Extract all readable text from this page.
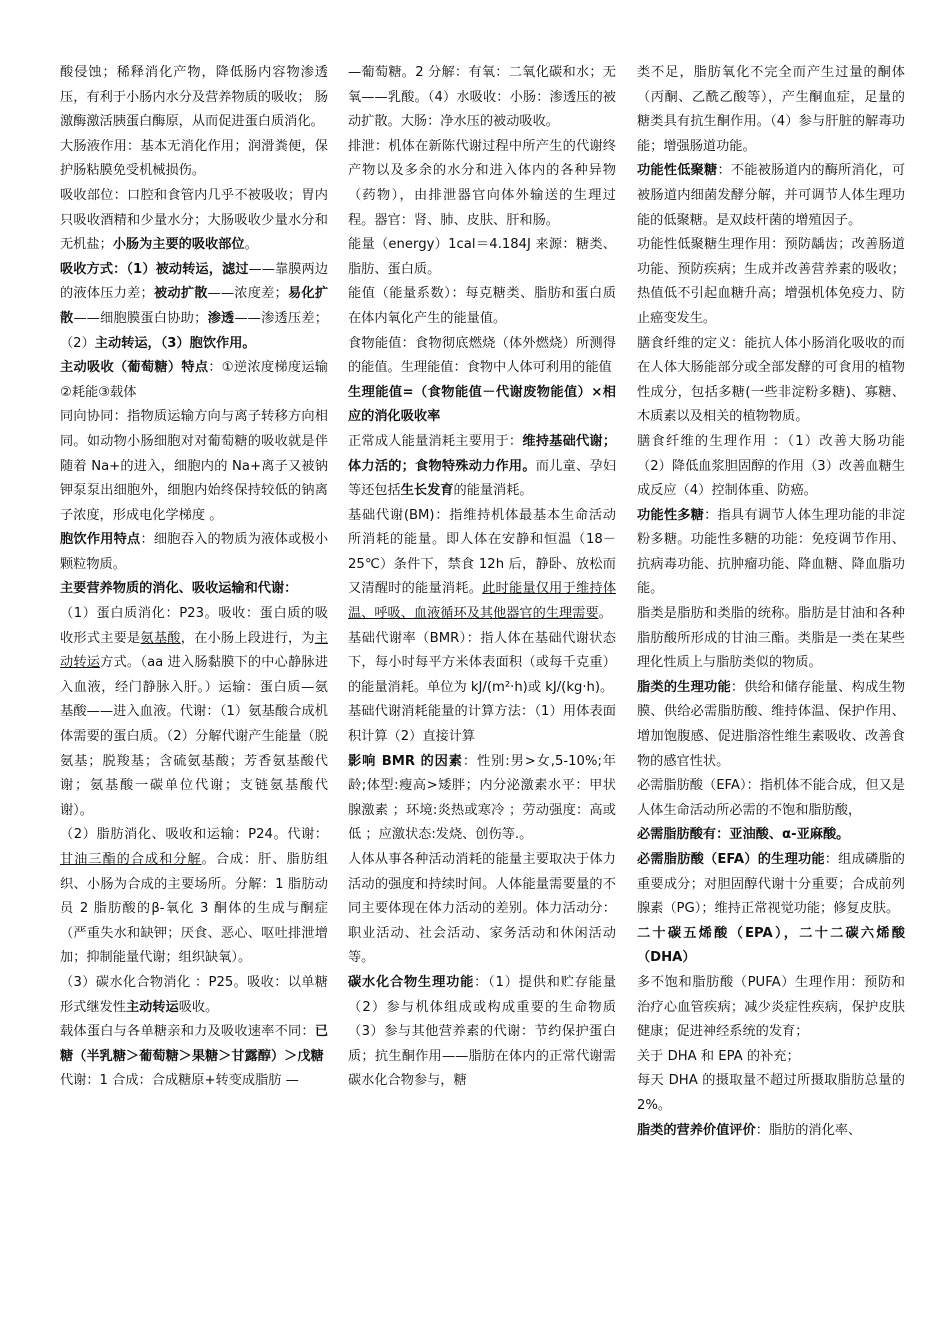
酸侵蚀；稀释消化产物，降低肠内容物渗透压，有利于小肠内水分及营养物质的吸收； 肠激酶激活胰蛋白酶原，从而促进蛋白质消化。

大肠液作用：基本无消化作用；润滑粪便，保护肠粘膜免受机械损伤。

吸收部位：口腔和食管内几乎不被吸收；胃内只吸收酒精和少量水分；大肠吸收少量水分和无机盐；小肠为主要的吸收部位。

吸收方式：（1）被动转运，滤过——靠膜两边的液体压力差；被动扩散——浓度差；易化扩散——细胞膜蛋白协助；渗透——渗透压差；（2）主动转运，（3）胞饮作用。

主动吸收（葡萄糖）特点：①逆浓度梯度运输②耗能③载体

同向协同：指物质运输方向与离子转移方向相同。如动物小肠细胞对对葡萄糖的吸收就是伴随着 Na+的进入，细胞内的 Na+离子又被钠钾泵泵出细胞外，细胞内始终保持较低的钠离子浓度，形成电化学梯度 。

胞饮作用特点：细胞吞入的物质为液体或极小颗粒物质。

主要营养物质的消化、吸收运输和代谢：

（1）蛋白质消化：P23。吸收：蛋白质的吸收形式主要是氨基酸，在小肠上段进行，为主动转运方式。（aa 进入肠黏膜下的中心静脉进入血液，经门静脉入肝。）运输：蛋白质—氨基酸——进入血液。代谢：（1）氨基酸合成机体需要的蛋白质。（2）分解代谢产生能量（脱氨基；脱羧基；含硫氨基酸；芳香氨基酸代谢；氨基酸一碳单位代谢；支链氨基酸代谢）。

（2）脂肪消化、吸收和运输：P24。代谢：甘油三酯的合成和分解。合成：肝、脂肪组织、小肠为合成的主要场所。分解：1 脂肪动员 2 脂肪酸的β-氧化 3 酮体的生成与酮症 （严重失水和缺钾；厌食、恶心、呕吐排泄增加；抑制能量代谢；组织缺氧）。

（3）碳水化合物消化 ：P25。吸收：以单糖形式继发性主动转运吸收。

载体蛋白与各单糖亲和力及吸收速率不同：已糖（半乳糖＞葡萄糖＞果糖＞甘露醇）＞戊糖

代谢：1 合成：合成糖原+转变成脂肪 —

—葡萄糖。2 分解：有氧：二氧化碳和水；无氧——乳酸。（4）水吸收：小肠：渗透压的被动扩散。大肠：净水压的被动吸收。

排泄：机体在新陈代谢过程中所产生的代谢终产物以及多余的水分和进入体内的各种异物（药物），由排泄器官向体外输送的生理过程。器官：肾、肺、皮肤、肝和肠。

能量（energy）1cal＝4.184J 来源：糖类、脂肪、蛋白质。

能值（能量系数）：每克糖类、脂肪和蛋白质在体内氧化产生的能量值。

食物能值：食物彻底燃烧（体外燃烧）所测得的能值。生理能值：食物中人体可利用的能值

生理能值=（食物能值－代谢废物能值）×相应的消化吸收率

正常成人能量消耗主要用于：维持基础代谢；体力活的；食物特殊动力作用。而儿童、孕妇等还包括生长发育的能量消耗。

基础代谢(BM)：指维持机体最基本生命活动所消耗的能量。即人体在安静和恒温（18－25℃）条件下，禁食 12h 后，静卧、放松而又清醒时的能量消耗。此时能量仅用于维持体温、呼吸、血液循环及其他器官的生理需要。

基础代谢率（BMR）：指人体在基础代谢状态下，每小时每平方米体表面积（或每千克重）的能量消耗。单位为 kJ/(m²·h)或 kJ/(kg·h)。

基础代谢消耗能量的计算方法：（1）用体表面积计算（2）直接计算

影响 BMR 的因素：性别:男>女,5-10%;年龄;体型:瘦高>矮胖；内分泌激素水平：甲状腺激素 ；环境:炎热或寒冷 ；劳动强度：高或低 ；应激状态:发烧、创伤等.。

人体从事各种活动消耗的能量主要取决于体力活动的强度和持续时间。人体能量需要量的不同主要体现在体力活动的差别。体力活动分：职业活动、社会活动、家务活动和休闲活动等。

碳水化合物生理功能：（1）提供和贮存能量（2）参与机体组成或构成重要的生命物质（3）参与其他营养素的代谢：节约保护蛋白质；抗生酮作用——脂肪在体内的正常代谢需碳水化合物参与，糖

类不足，脂肪氧化不完全而产生过量的酮体（丙酮、乙酰乙酸等），产生酮血症，足量的糖类具有抗生酮作用。（4）参与肝脏的解毒功能；增强肠道功能。

功能性低聚糖：不能被肠道内的酶所消化，可被肠道内细菌发酵分解，并可调节人体生理功能的低聚糖。是双歧杆菌的增殖因子。

功能性低聚糖生理作用：预防龋齿；改善肠道功能、预防疾病；生成并改善营养素的吸收；热值低不引起血糖升高；增强机体免疫力、防止癌变发生。

膳食纤维的定义：能抗人体小肠消化吸收的而在人体大肠能部分或全部发酵的可食用的植物性成分，包括多糖(一些非淀粉多糖)、寡糖、木质素以及相关的植物物质。

膳食纤维的生理作用 ：（1）改善大肠功能（2）降低血浆胆固醇的作用（3）改善血糖生成反应（4）控制体重、防癌。

功能性多糖：指具有调节人体生理功能的非淀粉多糖。功能性多糖的功能：免疫调节作用、抗病毒功能、抗肿瘤功能、降血糖、降血脂功能。

脂类是脂肪和类脂的统称。脂肪是甘油和各种脂肪酸所形成的甘油三酯。类脂是一类在某些理化性质上与脂肪类似的物质。

脂类的生理功能：供给和储存能量、构成生物膜、供给必需脂肪酸、维持体温、保护作用、增加饱腹感、促进脂溶性维生素吸收、改善食物的感官性状。

必需脂肪酸（EFA）：指机体不能合成，但又是人体生命活动所必需的不饱和脂肪酸，

必需脂肪酸有：亚油酸、α-亚麻酸。

必需脂肪酸（EFA）的生理功能：组成磷脂的重要成分；对胆固醇代谢十分重要；合成前列腺素（PG）；维持正常视觉功能；修复皮肤。

二十碳五烯酸（EPA），二十二碳六烯酸（DHA）

多不饱和脂肪酸（PUFA）生理作用：预防和治疗心血管疾病；减少炎症性疾病，保护皮肤健康；促进神经系统的发育；

关于 DHA 和 EPA 的补充；

每天 DHA 的摄取量不超过所摄取脂肪总量的 2%。

脂类的营养价值评价：脂肪的消化率、
